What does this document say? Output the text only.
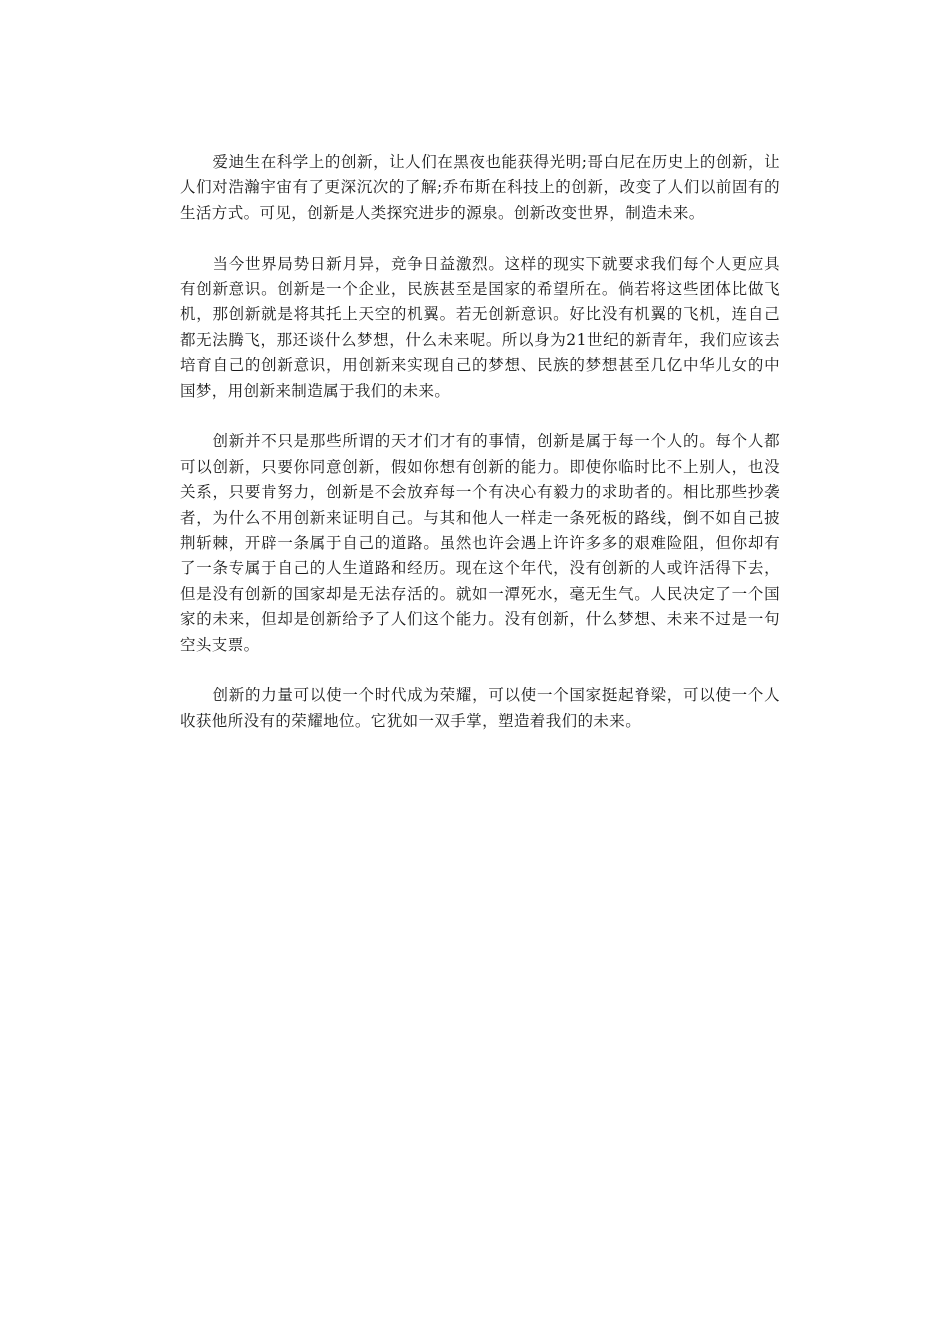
爱迪生在科学上的创新，让人们在黑夜也能获得光明;哥白尼在历史上的创新，让人们对浩瀚宇宙有了更深沉次的了解;乔布斯在科技上的创新，改变了人们以前固有的生活方式。可见，创新是人类探究进步的源泉。创新改变世界，制造未来。

当今世界局势日新月异，竞争日益激烈。这样的现实下就要求我们每个人更应具有创新意识。创新是一个企业，民族甚至是国家的希望所在。倘若将这些团体比做飞机，那创新就是将其托上天空的机翼。若无创新意识。好比没有机翼的飞机，连自己都无法腾飞，那还谈什么梦想，什么未来呢。所以身为21世纪的新青年，我们应该去培育自己的创新意识，用创新来实现自己的梦想、民族的梦想甚至几亿中华儿女的中国梦，用创新来制造属于我们的未来。

创新并不只是那些所谓的天才们才有的事情，创新是属于每一个人的。每个人都可以创新，只要你同意创新，假如你想有创新的能力。即使你临时比不上别人，也没关系，只要肯努力，创新是不会放弃每一个有决心有毅力的求助者的。相比那些抄袭者，为什么不用创新来证明自己。与其和他人一样走一条死板的路线，倒不如自己披荆斩棘，开辟一条属于自己的道路。虽然也许会遇上许许多多的艰难险阻，但你却有了一条专属于自己的人生道路和经历。现在这个年代，没有创新的人或许活得下去，但是没有创新的国家却是无法存活的。就如一潭死水，毫无生气。人民决定了一个国家的未来，但却是创新给予了人们这个能力。没有创新，什么梦想、未来不过是一句空头支票。

创新的力量可以使一个时代成为荣耀，可以使一个国家挺起脊梁，可以使一个人收获他所没有的荣耀地位。它犹如一双手掌，塑造着我们的未来。
